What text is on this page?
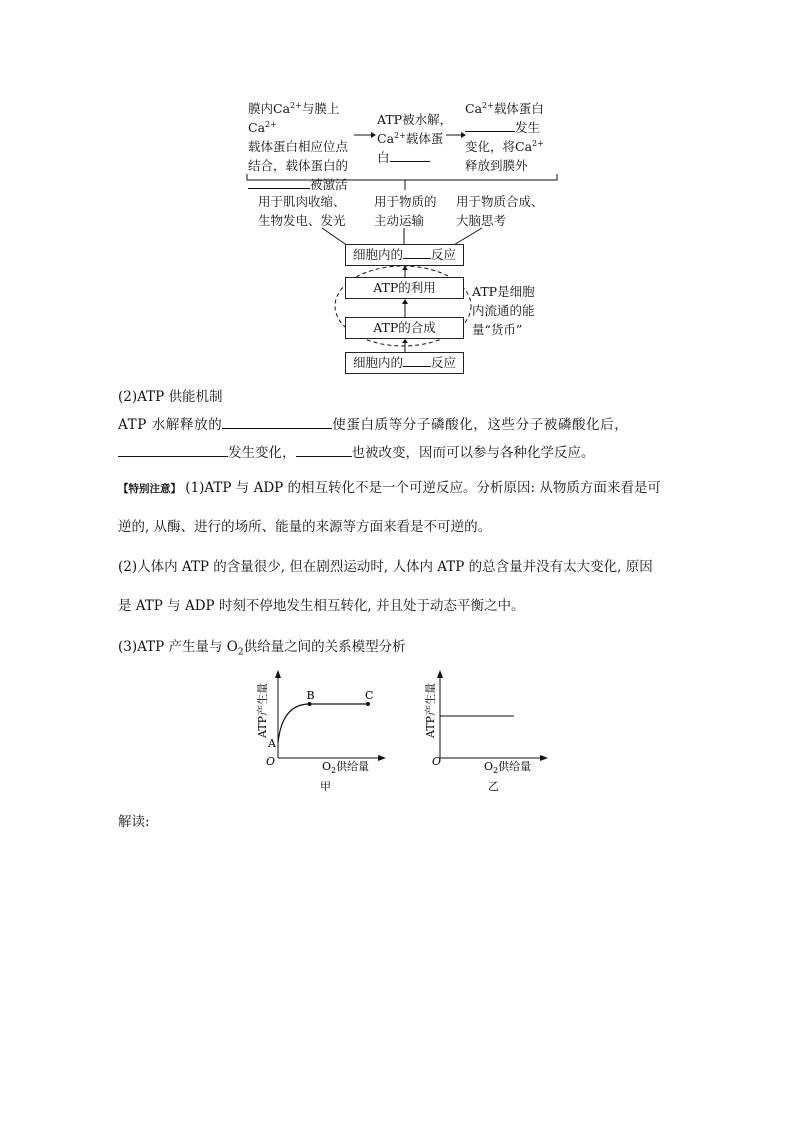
膜内$Ca^{2+}$与膜上$Ca^{2+}$
载体蛋白相应位点
结合，载体蛋白的
被激活
ATP被水解，
$Ca^{2+}$载体蛋
白
$Ca^{2+}$载体蛋白
发生
变化，将$Ca^{2+}$
释放到膜外
用于肌肉收缩、
生物发电、发光
用于物质的
主动运输
用于物质合成、
大脑思考
细胞内的 反应
ATP的利用
ATP的合成
细胞内的 反应
ATP是细胞
内流通的能
量“货币”
(2)ATP 供能机制
ATP 水解释放的	使蛋白质等分子磷酸化，这些分子被磷酸化后，
发生变化，	也被改变，因而可以参与各种化学反应。
【特别注意】 (1)ATP 与 ADP 的相互转化不是一个可逆反应。分析原因: 从物质方面来看是可
逆的, 从酶、进行的场所、能量的来源等方面来看是不可逆的。
(2)人体内 ATP 的含量很少, 但在剧烈运动时, 人体内 ATP 的总含量并没有太大变化, 原因
是 ATP 与 ADP 时刻不停地发生相互转化, 并且处于动态平衡之中。
(3)ATP 产生量与 $O_2$供给量之间的关系模型分析
ATP产生量
O	$O_2$供给量
A
B	C
甲
ATP产生量
O	$O_2$供给量
乙
解读:
